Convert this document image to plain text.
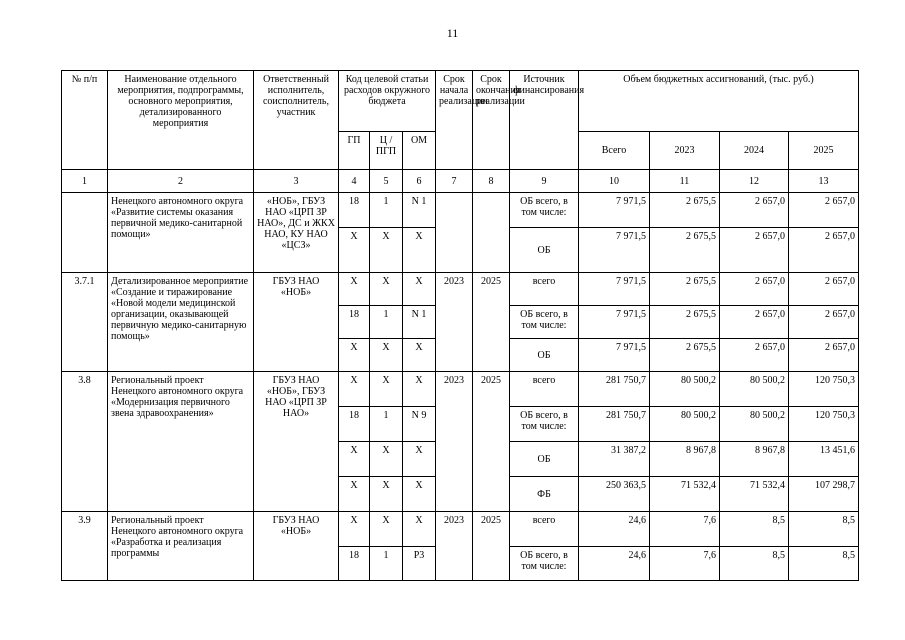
11
№ п/п	Наименование отдельного мероприятия, подпрограммы, основного мероприятия, детализированного мероприятия	Ответственный исполнитель, соисполнитель, участник	Код целевой статьи расходов окружного бюджета			Срок начала реализации	Срок окончания реализации	Источник финансирования	Объем бюджетных ассигнований, (тыс. руб.)			
			ГП	Ц / ПГП	ОМ				Всего	2023	2024	2025
1	2	3	4	5	6	7	8	9	10	11	12	13
	Ненецкого автономного округа «Развитие системы оказания первичной медико-санитарной помощи»	«НОБ», ГБУЗ НАО «ЦРП ЗР НАО», ДС и ЖКХ НАО, КУ НАО «ЦСЗ»	18	1	N 1			ОБ всего, в том числе:	7 971,5	2 675,5	2 657,0	2 657,0
			Х	Х	Х			ОБ	7 971,5	2 675,5	2 657,0	2 657,0
3.7.1	Детализированное мероприятие «Создание и тиражирование «Новой модели медицинской организации, оказывающей первичную медико-санитарную помощь»	ГБУЗ НАО «НОБ»	Х	Х	Х	2023	2025	всего	7 971,5	2 675,5	2 657,0	2 657,0
			18	1	N 1			ОБ всего, в том числе:	7 971,5	2 675,5	2 657,0	2 657,0
			Х	Х	Х			ОБ	7 971,5	2 675,5	2 657,0	2 657,0
3.8	Региональный проект Ненецкого автономного округа «Модернизация первичного звена здравоохранения»	ГБУЗ НАО «НОБ», ГБУЗ НАО «ЦРП ЗР НАО»	Х	Х	Х	2023	2025	всего	281 750,7	80 500,2	80 500,2	120 750,3
			18	1	N 9			ОБ всего, в том числе:	281 750,7	80 500,2	80 500,2	120 750,3
			Х	Х	Х			ОБ	31 387,2	8 967,8	8 967,8	13 451,6
			Х	Х	Х			ФБ	250 363,5	71 532,4	71 532,4	107 298,7
3.9	Региональный проект Ненецкого автономного округа «Разработка и реализация программы	ГБУЗ НАО «НОБ»	Х	Х	Х	2023	2025	всего	24,6	7,6	8,5	8,5
			18	1	Р3			ОБ всего, в том числе:	24,6	7,6	8,5	8,5
